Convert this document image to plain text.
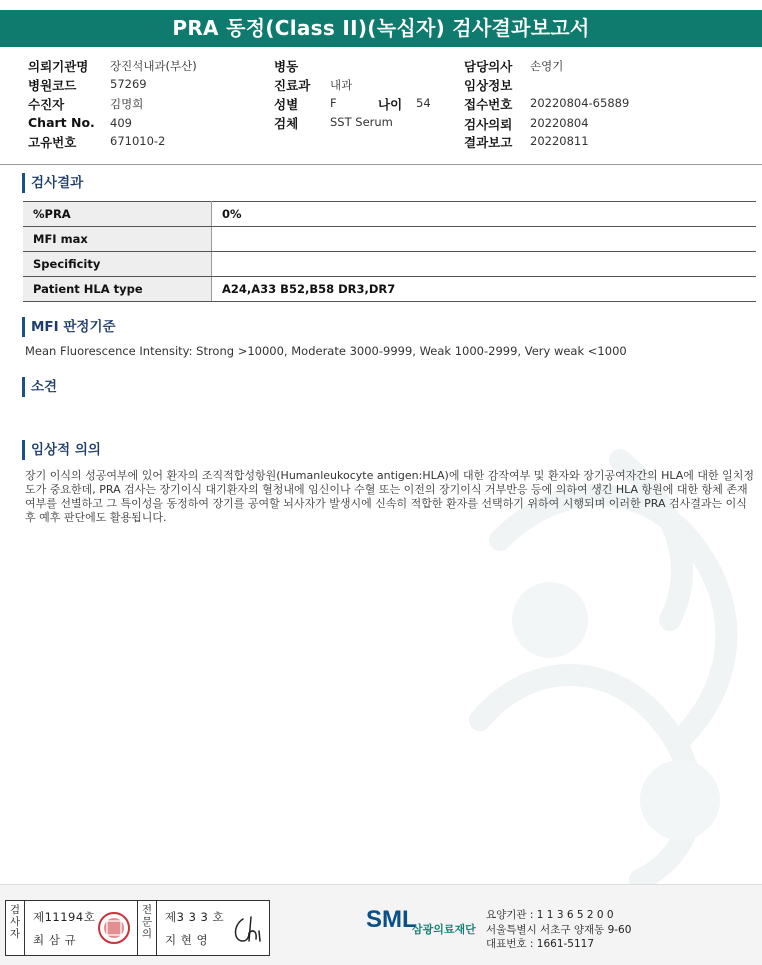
PRA 동정(Class II)(녹십자) 검사결과보고서
의뢰기관명 장진석내과(부산)
병원코드	57269
수진자	김명희
Chart No. 409
고유번호	671010-2
병동
진료과 내과
성별	F	나이 54
검체	SST Serum
담당의사 손영기
임상정보
접수번호 20220804-65889
검사의뢰 20220804
결과보고 20220811
검사결과
%PRA	0%
MFI max	
Specificity	
Patient HLA type	A24,A33 B52,B58 DR3,DR7
MFI 판정기준
Mean Fluorescence Intensity: Strong >10000, Moderate 3000-9999, Weak 1000-2999, Very weak <1000
소견
임상적 의의
장기 이식의 성공여부에 있어 환자의 조직적합성항원(Humanleukocyte antigen:HLA)에 대한 감작여부 및 환자와 장기공여자간의 HLA에 대한 일치정도가 중요한데, PRA 검사는 장기이식 대기환자의 혈청내에 임신이나 수혈 또는 이전의 장기이식 거부반응 등에 의하여 생긴 HLA 항원에 대한 항체 존재 여부를 선별하고 그 특이성을 동정하여 장기를 공여할 뇌사자가 발생시에 신속히 적합한 환자를 선택하기 위하여 시행되며 이러한 PRA 검사결과는 이식 후 예후 판단에도 활용됩니다.
검사자
제11194호
최 삼 규
전문의
제3 3 3 호
지 현 영
SML
삼광의료재단
요양기관 : 1 1 3 6 5 2 0 0
서울특별시 서초구 양재동 9-60
대표번호 : 1661-5117
